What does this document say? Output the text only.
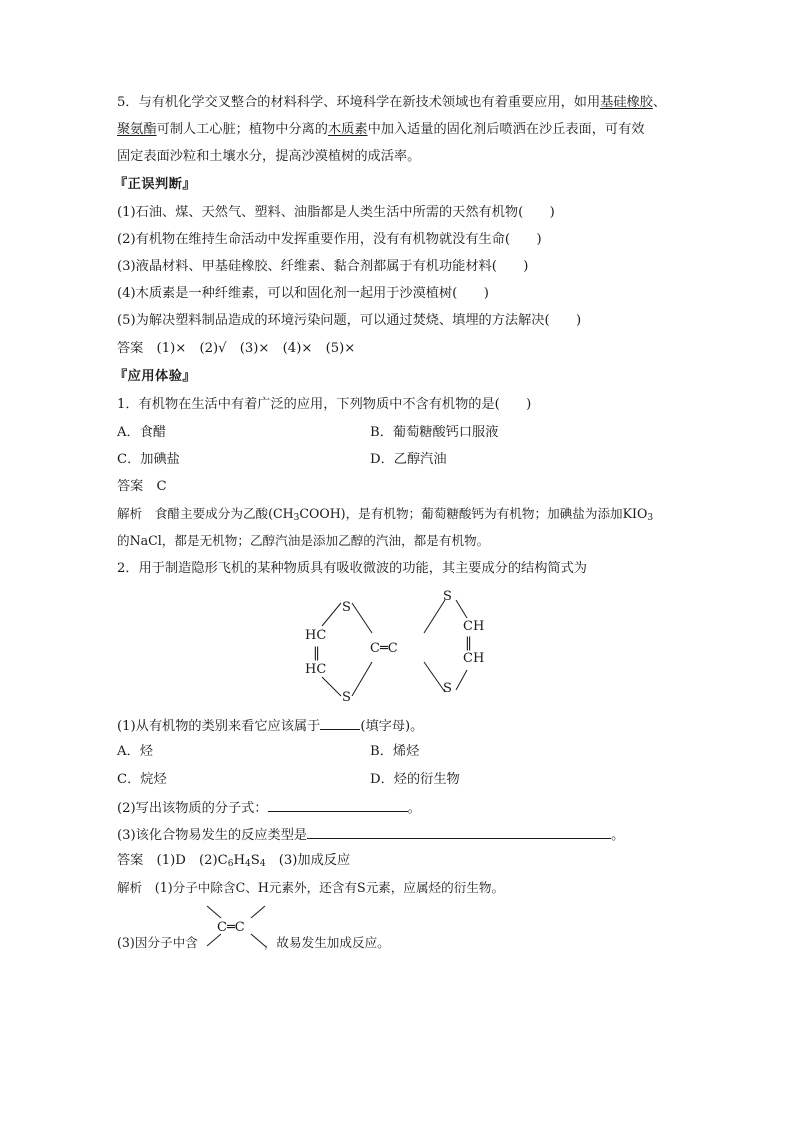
5．与有机化学交叉整合的材料科学、环境科学在新技术领域也有着重要应用，如用基硅橡胶、
聚氨酯可制人工心脏；植物中分离的木质素中加入适量的固化剂后喷洒在沙丘表面，可有效
固定表面沙粒和土壤水分，提高沙漠植树的成活率。
『正误判断』
(1)石油、煤、天然气、塑料、油脂都是人类生活中所需的天然有机物(　　)
(2)有机物在维持生命活动中发挥重要作用，没有有机物就没有生命(　　)
(3)液晶材料、甲基硅橡胶、纤维素、黏合剂都属于有机功能材料(　　)
(4)木质素是一种纤维素，可以和固化剂一起用于沙漠植树(　　)
(5)为解决塑料制品造成的环境污染问题，可以通过焚烧、填埋的方法解决(　　)
答案　(1)×　(2)√　(3)×　(4)×　(5)×
『应用体验』
1．有机物在生活中有着广泛的应用，下列物质中不含有机物的是(　　)
A．食醋	B．葡萄糖酸钙口服液
C．加碘盐	D．乙醇汽油
答案　C
解析　食醋主要成分为乙酸$(CH_3COOH)$，是有机物；葡萄糖酸钙为有机物；加碘盐为添加$KIO_3$
的NaCl，都是无机物；乙醇汽油是添加乙醇的汽油，都是有机物。
2．用于制造隐形飞机的某种物质具有吸收微波的功能，其主要成分的结构简式为
S
S
HC
HC
‖	C═C
S
S
CH
CH
‖
(1)从有机物的类别来看它应该属于	(填字母)。
A．烃	B．烯烃
C．烷烃	D．烃的衍生物
(2)写出该物质的分子式：	。
(3)该化合物易发生的反应类型是	。
答案　(1)D　$(2)C_6H_4S_4$　(3)加成反应
解析　(1)分子中除含C、H元素外，还含有S元素，应属烃的衍生物。
(3)因分子中含	，故易发生加成反应。
C═C
